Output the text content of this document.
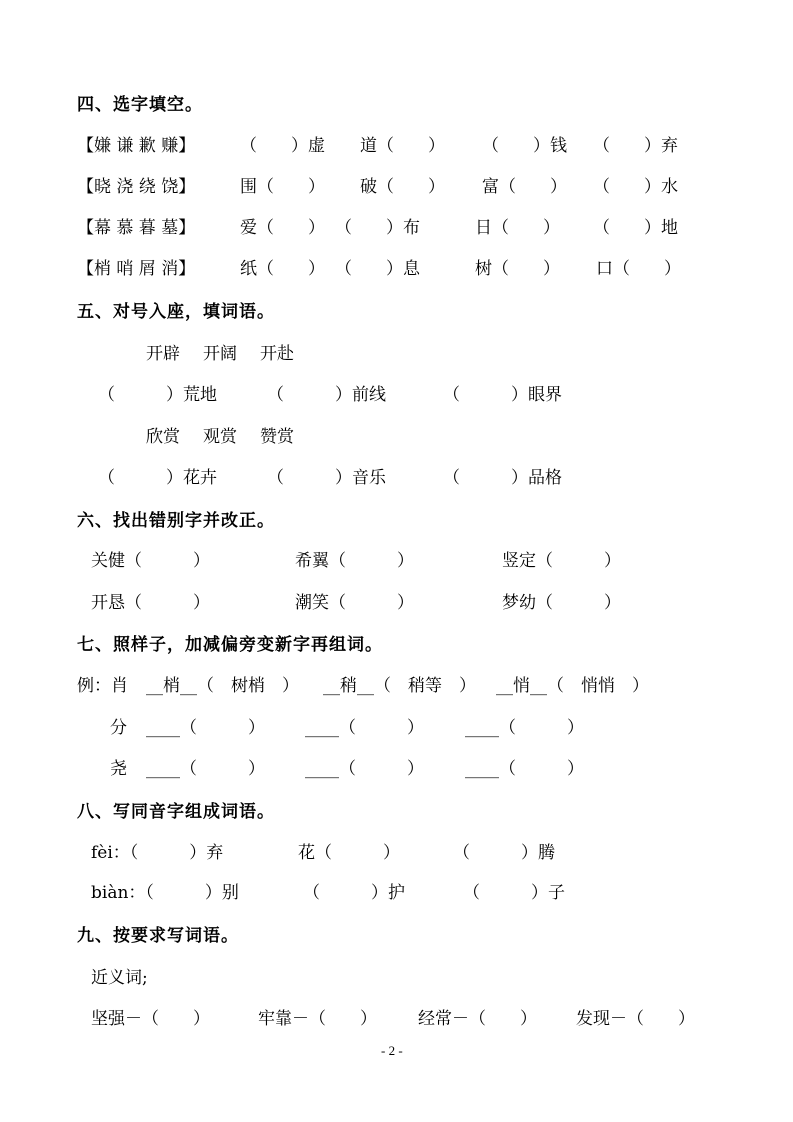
四、选字填空。
【嫌 谦 歉 赚】	（　　）虚 道（　　） （　　）钱 （　　）弃
【晓 浇 绕 饶】	围（　　） 破（　　） 富（　　） （　　）水
【幕 慕 暮 墓】	爱（　　） （　　）布	日（　　） （　　）地
【梢 哨 屑 消】	纸（　　） （　　）息	树（　　） 口（　　）
五、对号入座，填词语。
开辟 开阔 开赴
（　　　）荒地	（　　　）前线	（　　　）眼界
欣赏 观赏 赞赏
（　　　）花卉	（　　　）音乐	（　　　）品格
六、找出错别字并改正。
关健（　　　）	希翼（　　　）	竖定（　　　）
开恳（　　　）	潮笑（　　　）	梦幼（　　　）
七、照样子，加减偏旁变新字再组词。
例：肖 __梢__（　树梢　） __稍__（　稍等　） __悄__（　悄悄　）
分 ____（　　　） ____（　　　） ____（　　　）
尧 ____（　　　） ____（　　　） ____（　　　）
八、写同音字组成词语。
fèi：（　　　）弃	花（　　　）	（　　　）腾
biàn：（　　　）别	（　　　）护	（　　　）子
九、按要求写词语。
近义词;
坚强－（　　）	牢靠－（　　） 经常－（　　） 发现－（　　）
- 2 -
